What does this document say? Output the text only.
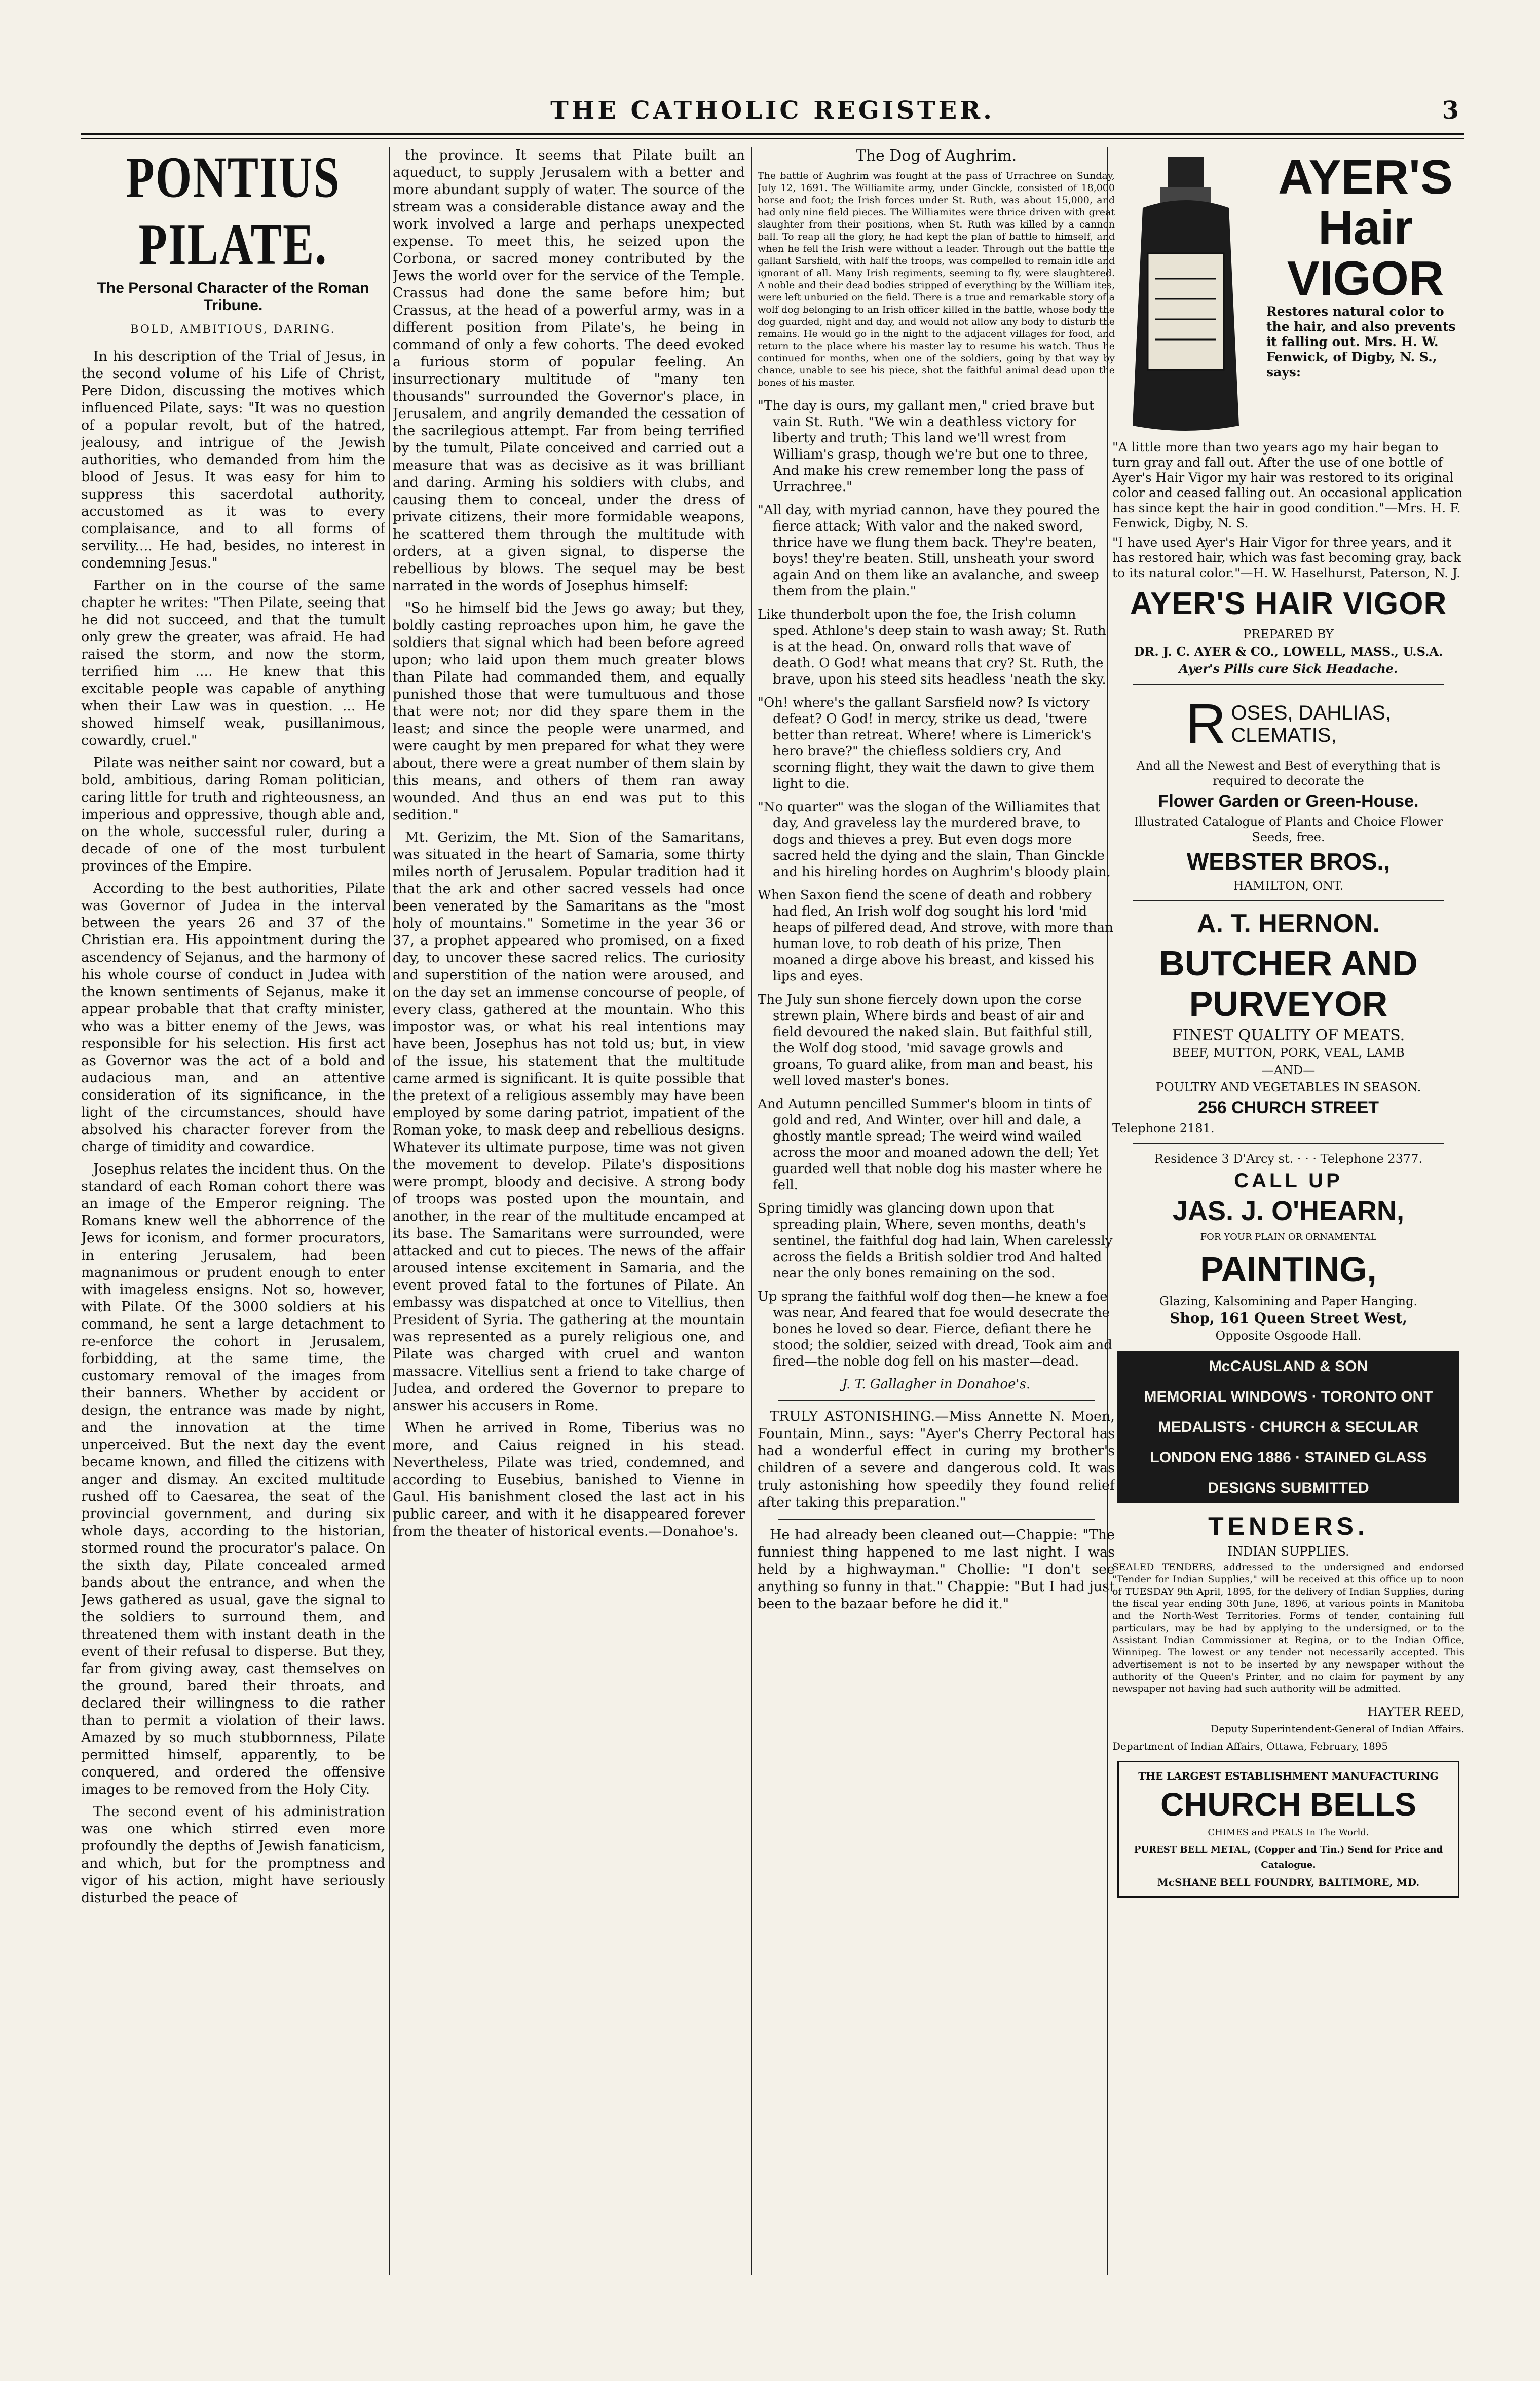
THE CATHOLIC REGISTER.	3
PONTIUS PILATE.
The Personal Character of the Roman Tribune.
BOLD, AMBITIOUS, DARING.

In his description of the Trial of Jesus, in the second volume of his Life of Christ, Pere Didon, discussing the motives which influenced Pilate, says: "It was no question of a popular revolt, but of the hatred, jealousy, and intrigue of the Jewish authorities, who demanded from him the blood of Jesus. It was easy for him to suppress this sacerdotal authority, accustomed as it was to every complaisance, and to all forms of servility.... He had, besides, no interest in condemning Jesus."

Farther on in the course of the same chapter he writes: "Then Pilate, seeing that he did not succeed, and that the tumult only grew the greater, was afraid. He had raised the storm, and now the storm, terrified him .... He knew that this excitable people was capable of anything when their Law was in question. ... He showed himself weak, pusillanimous, cowardly, cruel."

Pilate was neither saint nor coward, but a bold, ambitious, daring Roman politician, caring little for truth and righteousness, an imperious and oppressive, though able and, on the whole, successful ruler, during a decade of one of the most turbulent provinces of the Empire.

According to the best authorities, Pilate was Governor of Judea in the interval between the years 26 and 37 of the Christian era. His appointment during the ascendency of Sejanus, and the harmony of his whole course of conduct in Judea with the known sentiments of Sejanus, make it appear probable that that crafty minister, who was a bitter enemy of the Jews, was responsible for his selection. His first act as Governor was the act of a bold and audacious man, and an attentive consideration of its significance, in the light of the circumstances, should have absolved his character forever from the charge of timidity and cowardice.

Josephus relates the incident thus. On the standard of each Roman cohort there was an image of the Emperor reigning. The Romans knew well the abhorrence of the Jews for iconism, and former procurators, in entering Jerusalem, had been magnanimous or prudent enough to enter with imageless ensigns. Not so, however, with Pilate. Of the 3000 soldiers at his command, he sent a large detachment to re-enforce the cohort in Jerusalem, forbidding, at the same time, the customary removal of the images from their banners. Whether by accident or design, the entrance was made by night, and the innovation at the time unperceived. But the next day the event became known, and filled the citizens with anger and dismay. An excited multitude rushed off to Caesarea, the seat of the provincial government, and during six whole days, according to the historian, stormed round the procurator's palace. On the sixth day, Pilate concealed armed bands about the entrance, and when the Jews gathered as usual, gave the signal to the soldiers to surround them, and threatened them with instant death in the event of their refusal to disperse. But they, far from giving away, cast themselves on the ground, bared their throats, and declared their willingness to die rather than to permit a violation of their laws. Amazed by so much stubbornness, Pilate permitted himself, apparently, to be conquered, and ordered the offensive images to be removed from the Holy City.

The second event of his administration was one which stirred even more profoundly the depths of Jewish fanaticism, and which, but for the promptness and vigor of his action, might have seriously disturbed the peace of

the province. It seems that Pilate built an aqueduct, to supply Jerusalem with a better and more abundant supply of water. The source of the stream was a considerable distance away and the work involved a large and perhaps unexpected expense. To meet this, he seized upon the Corbona, or sacred money contributed by the Jews the world over for the service of the Temple. Crassus had done the same before him; but Crassus, at the head of a powerful army, was in a different position from Pilate's, he being in command of only a few cohorts. The deed evoked a furious storm of popular feeling. An insurrectionary multitude of "many ten thousands" surrounded the Governor's place, in Jerusalem, and angrily demanded the cessation of the sacrilegious attempt. Far from being terrified by the tumult, Pilate conceived and carried out a measure that was as decisive as it was brilliant and daring. Arming his soldiers with clubs, and causing them to conceal, under the dress of private citizens, their more formidable weapons, he scattered them through the multitude with orders, at a given signal, to disperse the rebellious by blows. The sequel may be best narrated in the words of Josephus himself:

"So he himself bid the Jews go away; but they, boldly casting reproaches upon him, he gave the soldiers that signal which had been before agreed upon; who laid upon them much greater blows than Pilate had commanded them, and equally punished those that were tumultuous and those that were not; nor did they spare them in the least; and since the people were unarmed, and were caught by men prepared for what they were about, there were a great number of them slain by this means, and others of them ran away wounded. And thus an end was put to this sedition."

Mt. Gerizim, the Mt. Sion of the Samaritans, was situated in the heart of Samaria, some thirty miles north of Jerusalem. Popular tradition had it that the ark and other sacred vessels had once been venerated by the Samaritans as the "most holy of mountains." Sometime in the year 36 or 37, a prophet appeared who promised, on a fixed day, to uncover these sacred relics. The curiosity and superstition of the nation were aroused, and on the day set an immense concourse of people, of every class, gathered at the mountain. Who this impostor was, or what his real intentions may have been, Josephus has not told us; but, in view of the issue, his statement that the multitude came armed is significant. It is quite possible that the pretext of a religious assembly may have been employed by some daring patriot, impatient of the Roman yoke, to mask deep and rebellious designs. Whatever its ultimate purpose, time was not given the movement to develop. Pilate's dispositions were prompt, bloody and decisive. A strong body of troops was posted upon the mountain, and another, in the rear of the multitude encamped at its base. The Samaritans were surrounded, were attacked and cut to pieces. The news of the affair aroused intense excitement in Samaria, and the event proved fatal to the fortunes of Pilate. An embassy was dispatched at once to Vitellius, then President of Syria. The gathering at the mountain was represented as a purely religious one, and Pilate was charged with cruel and wanton massacre. Vitellius sent a friend to take charge of Judea, and ordered the Governor to prepare to answer his accusers in Rome.

When he arrived in Rome, Tiberius was no more, and Caius reigned in his stead. Nevertheless, Pilate was tried, condemned, and according to Eusebius, banished to Vienne in Gaul. His banishment closed the last act in his public career, and with it he disappeared forever from the theater of historical events.—Donahoe's.

The Dog of Aughrim.
The battle of Aughrim was fought at the pass of Urrachree on Sunday, July 12, 1691. The Williamite army, under Ginckle, consisted of 18,000 horse and foot; the Irish forces under St. Ruth, was about 15,000, and had only nine field pieces. The Williamites were thrice driven with great slaughter from their positions, when St. Ruth was killed by a cannon ball. To reap all the glory, he had kept the plan of battle to himself, and when he fell the Irish were without a leader. Through out the battle the gallant Sarsfield, with half the troops, was compelled to remain idle and ignorant of all. Many Irish regiments, seeming to fly, were slaughtered. A noble and their dead bodies stripped of everything by the William ites, were left unburied on the field. There is a true and remarkable story of a wolf dog belonging to an Irish officer killed in the battle, whose body the dog guarded, night and day, and would not allow any body to disturb the remains. He would go in the night to the adjacent villages for food, and return to the place where his master lay to resume his watch. Thus he continued for months, when one of the soldiers, going by that way by chance, unable to see his piece, shot the faithful animal dead upon the bones of his master.
"The day is ours, my gallant men," cried brave but vain St. Ruth. "We win a deathless victory for liberty and truth; This land we'll wrest from William's grasp, though we're but one to three, And make his crew remember long the pass of Urrachree."
"All day, with myriad cannon, have they poured the fierce attack; With valor and the naked sword, thrice have we flung them back. They're beaten, boys! they're beaten. Still, unsheath your sword again And on them like an avalanche, and sweep them from the plain."
Like thunderbolt upon the foe, the Irish column sped. Athlone's deep stain to wash away; St. Ruth is at the head. On, onward rolls that wave of death. O God! what means that cry? St. Ruth, the brave, upon his steed sits headless 'neath the sky.
"Oh! where's the gallant Sarsfield now? Is victory defeat? O God! in mercy, strike us dead, 'twere better than retreat. Where! where is Limerick's hero brave?" the chiefless soldiers cry, And scorning flight, they wait the dawn to give them light to die.
"No quarter" was the slogan of the Williamites that day, And graveless lay the murdered brave, to dogs and thieves a prey. But even dogs more sacred held the dying and the slain, Than Ginckle and his hireling hordes on Aughrim's bloody plain.
When Saxon fiend the scene of death and robbery had fled, An Irish wolf dog sought his lord 'mid heaps of pilfered dead, And strove, with more than human love, to rob death of his prize, Then moaned a dirge above his breast, and kissed his lips and eyes.
The July sun shone fiercely down upon the corse strewn plain, Where birds and beast of air and field devoured the naked slain. But faithful still, the Wolf dog stood, 'mid savage growls and groans, To guard alike, from man and beast, his well loved master's bones.
And Autumn pencilled Summer's bloom in tints of gold and red, And Winter, over hill and dale, a ghostly mantle spread; The weird wind wailed across the moor and moaned adown the dell; Yet guarded well that noble dog his master where he fell.
Spring timidly was glancing down upon that spreading plain, Where, seven months, death's sentinel, the faithful dog had lain, When carelessly across the fields a British soldier trod And halted near the only bones remaining on the sod.
Up sprang the faithful wolf dog then—he knew a foe was near, And feared that foe would desecrate the bones he loved so dear. Fierce, defiant there he stood; the soldier, seized with dread, Took aim and fired—the noble dog fell on his master—dead.
J. T. Gallagher in Donahoe's.

TRULY ASTONISHING.—Miss Annette N. Moen, Fountain, Minn., says: "Ayer's Cherry Pectoral has had a wonderful effect in curing my brother's children of a severe and dangerous cold. It was truly astonishing how speedily they found relief after taking this preparation."

He had already been cleaned out—Chappie: "The funniest thing happened to me last night. I was held by a highwayman." Chollie: "I don't see anything so funny in that." Chappie: "But I had just been to the bazaar before he did it."

AYER'S
Hair
VIGOR
Restores natural color to the hair, and also prevents it falling out. Mrs. H. W. Fenwick, of Digby, N. S., says:
"A little more than two years ago my hair began to turn gray and fall out. After the use of one bottle of Ayer's Hair Vigor my hair was restored to its original color and ceased falling out. An occasional application has since kept the hair in good condition."—Mrs. H. F. Fenwick, Digby, N. S.
"I have used Ayer's Hair Vigor for three years, and it has restored hair, which was fast becoming gray, back to its natural color."—H. W. Haselhurst, Paterson, N. J.
AYER'S HAIR VIGOR
PREPARED BY
DR. J. C. AYER & CO., LOWELL, MASS., U.S.A.
Ayer's Pills cure Sick Headache.
R OSES, DAHLIAS,
CLEMATIS,
And all the Newest and Best of everything that is required to decorate the
Flower Garden or Green-House.
Illustrated Catalogue of Plants and Choice Flower Seeds, free.
WEBSTER BROS.,
HAMILTON, ONT.
A. T. HERNON.
BUTCHER AND PURVEYOR
FINEST QUALITY OF MEATS.
BEEF, MUTTON, PORK, VEAL, LAMB
—AND—
POULTRY AND VEGETABLES IN SEASON.
256 CHURCH STREET
Telephone 2181.
Residence 3 D'Arcy st. · · · Telephone 2377.
CALL UP
JAS. J. O'HEARN,
FOR YOUR PLAIN OR ORNAMENTAL
PAINTING,
Glazing, Kalsomining and Paper Hanging.
Shop, 161 Queen Street West,
Opposite Osgoode Hall.
McCAUSLAND & SON
MEMORIAL WINDOWS · TORONTO ONT
MEDALISTS · CHURCH & SECULAR
LONDON ENG 1886 · STAINED GLASS
DESIGNS SUBMITTED
TENDERS.
INDIAN SUPPLIES.
SEALED TENDERS, addressed to the undersigned and endorsed "Tender for Indian Supplies," will be received at this office up to noon of TUESDAY 9th April, 1895, for the delivery of Indian Supplies, during the fiscal year ending 30th June, 1896, at various points in Manitoba and the North-West Territories. Forms of tender, containing full particulars, may be had by applying to the undersigned, or to the Assistant Indian Commissioner at Regina, or to the Indian Office, Winnipeg. The lowest or any tender not necessarily accepted. This advertisement is not to be inserted by any newspaper without the authority of the Queen's Printer, and no claim for payment by any newspaper not having had such authority will be admitted.
HAYTER REED,
Deputy Superintendent-General of Indian Affairs.
Department of Indian Affairs, Ottawa, February, 1895
THE LARGEST ESTABLISHMENT MANUFACTURING
CHURCH BELLS
CHIMES and PEALS In The World.
PUREST BELL METAL, (Copper and Tin.) Send for Price and Catalogue.
McSHANE BELL FOUNDRY, BALTIMORE, MD.
